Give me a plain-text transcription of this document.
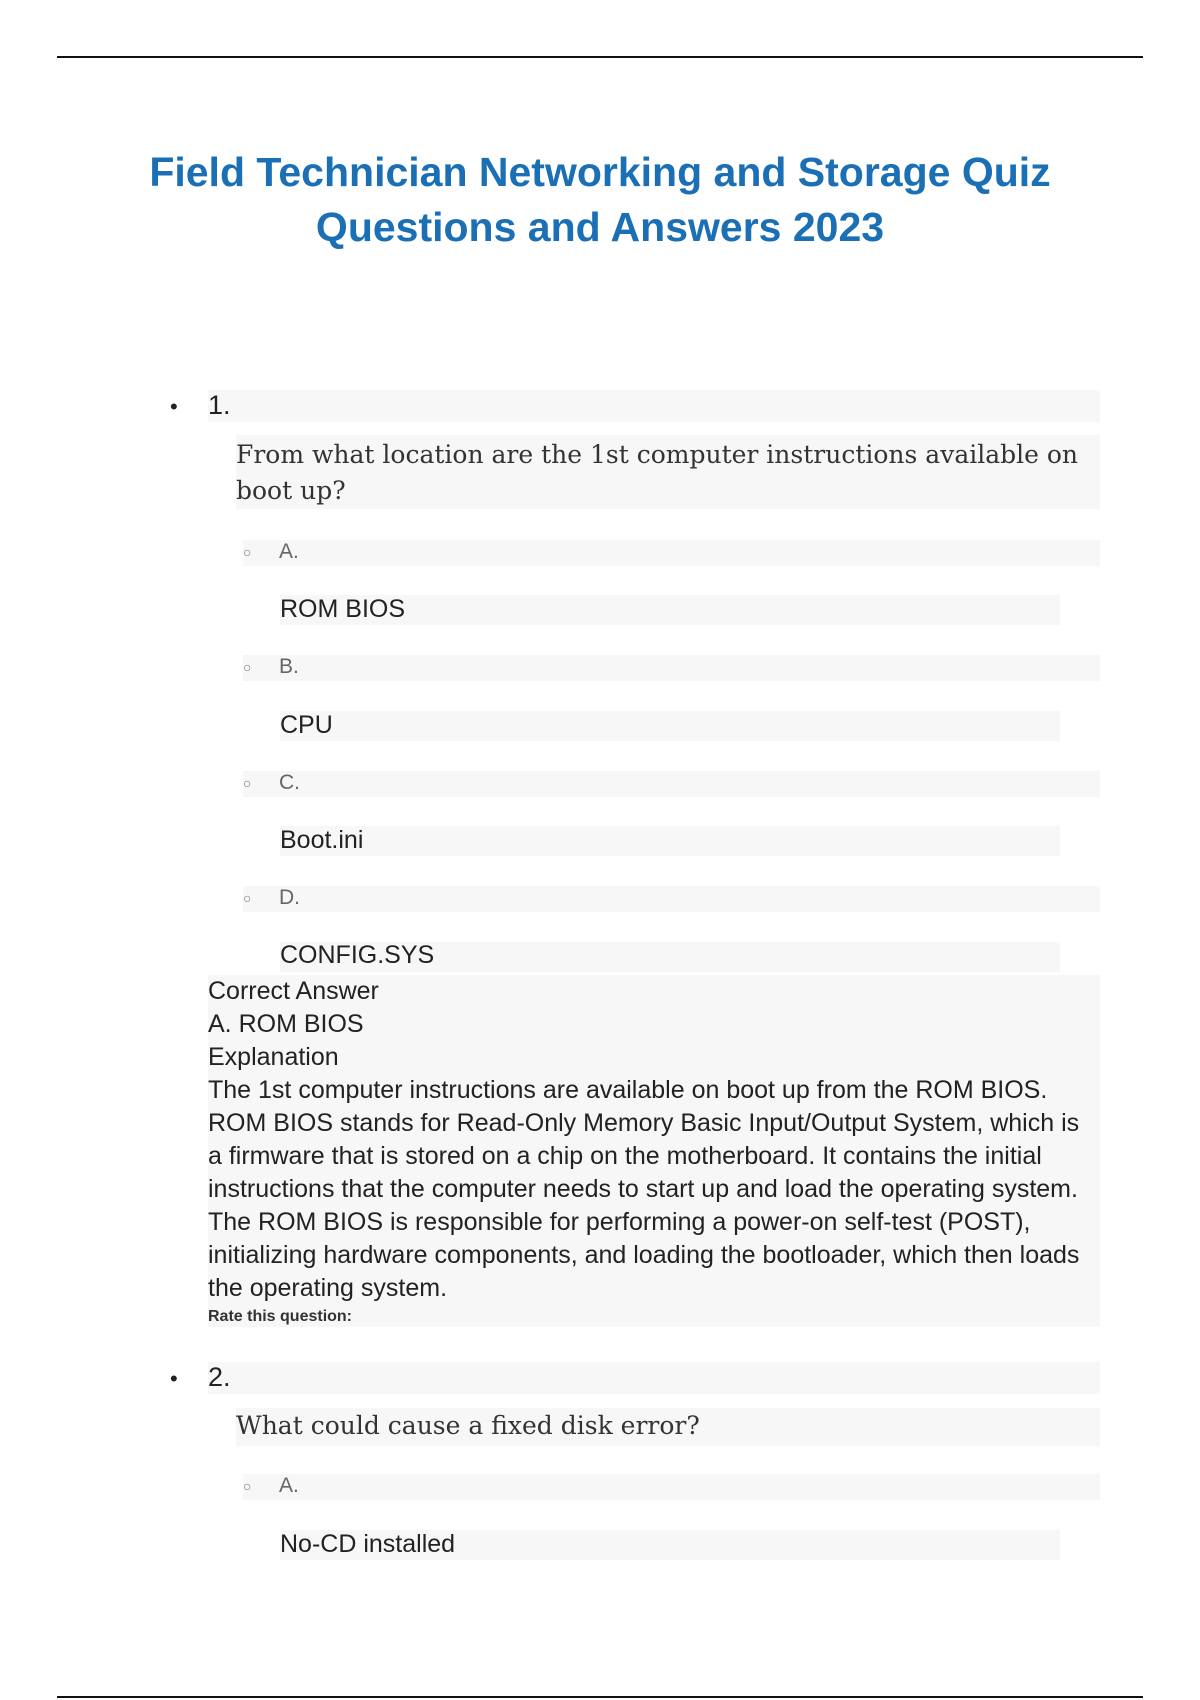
Field Technician Networking and Storage Quiz Questions and Answers 2023
• 1.
From what location are the 1st computer instructions available on boot up?
○ A.
ROM BIOS
○ B.
CPU
○ C.
Boot.ini
○ D.
CONFIG.SYS
Correct Answer
A. ROM BIOS
Explanation

The 1st computer instructions are available on boot up from the ROM BIOS. ROM BIOS stands for Read-Only Memory Basic Input/Output System, which is a firmware that is stored on a chip on the motherboard. It contains the initial instructions that the computer needs to start up and load the operating system. The ROM BIOS is responsible for performing a power-on self-test (POST), initializing hardware components, and loading the bootloader, which then loads the operating system.

Rate this question:
• 2.
What could cause a fixed disk error?
○ A.
No-CD installed
